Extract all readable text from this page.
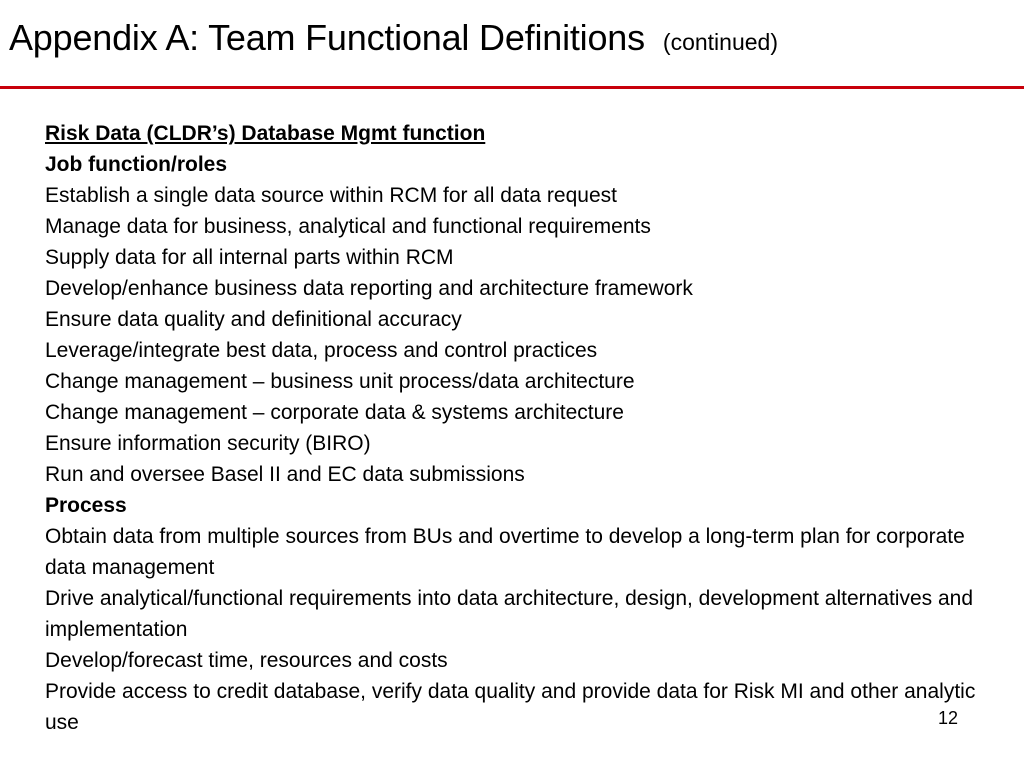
Appendix A: Team Functional Definitions (continued)
Risk Data (CLDR’s) Database Mgmt function
Job function/roles
Establish a single data source within RCM for all data request
Manage data for business, analytical and functional requirements
Supply data for all internal parts within RCM
Develop/enhance business data reporting and architecture framework
Ensure data quality and definitional accuracy
Leverage/integrate best data, process and control practices
Change management – business unit process/data architecture
Change management – corporate data & systems architecture
Ensure information security (BIRO)
Run and oversee Basel II and EC data submissions
Process
Obtain data from multiple sources from BUs and overtime to develop a long-term plan for corporate data management
Drive analytical/functional requirements into data architecture, design, development alternatives and implementation
Develop/forecast time, resources and costs
Provide access to credit database, verify data quality and provide data for Risk MI and other analytic use	12
